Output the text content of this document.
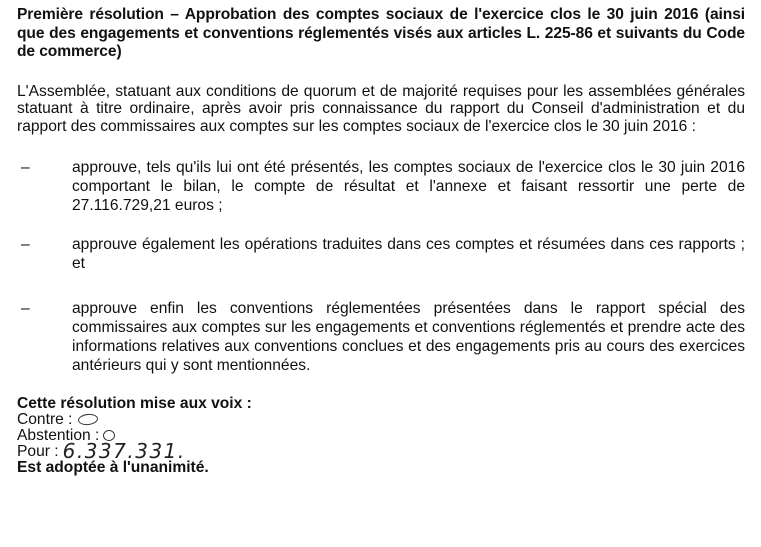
Première résolution – Approbation des comptes sociaux de l'exercice clos le 30 juin 2016 (ainsi que des engagements et conventions réglementés visés aux articles L. 225-86 et suivants du Code de commerce)

L'Assemblée, statuant aux conditions de quorum et de majorité requises pour les assemblées générales statuant à titre ordinaire, après avoir pris connaissance du rapport du Conseil d'administration et du rapport des commissaires aux comptes sur les comptes sociaux de l'exercice clos le 30 juin 2016 :

–	approuve, tels qu'ils lui ont été présentés, les comptes sociaux de l'exercice clos le 30 juin 2016 comportant le bilan, le compte de résultat et l'annexe et faisant ressortir une perte de 27.116.729,21 euros ;
–	approuve également les opérations traduites dans ces comptes et résumées dans ces rapports ; et
–	approuve enfin les conventions réglementées présentées dans le rapport spécial des commissaires aux comptes sur les engagements et conventions réglementés et prendre acte des informations relatives aux conventions conclues et des engagements pris au cours des exercices antérieurs qui y sont mentionnées.
Cette résolution mise aux voix :
Contre :
Abstention :
Pour : 6.337.331.
Est adoptée à l'unanimité.
